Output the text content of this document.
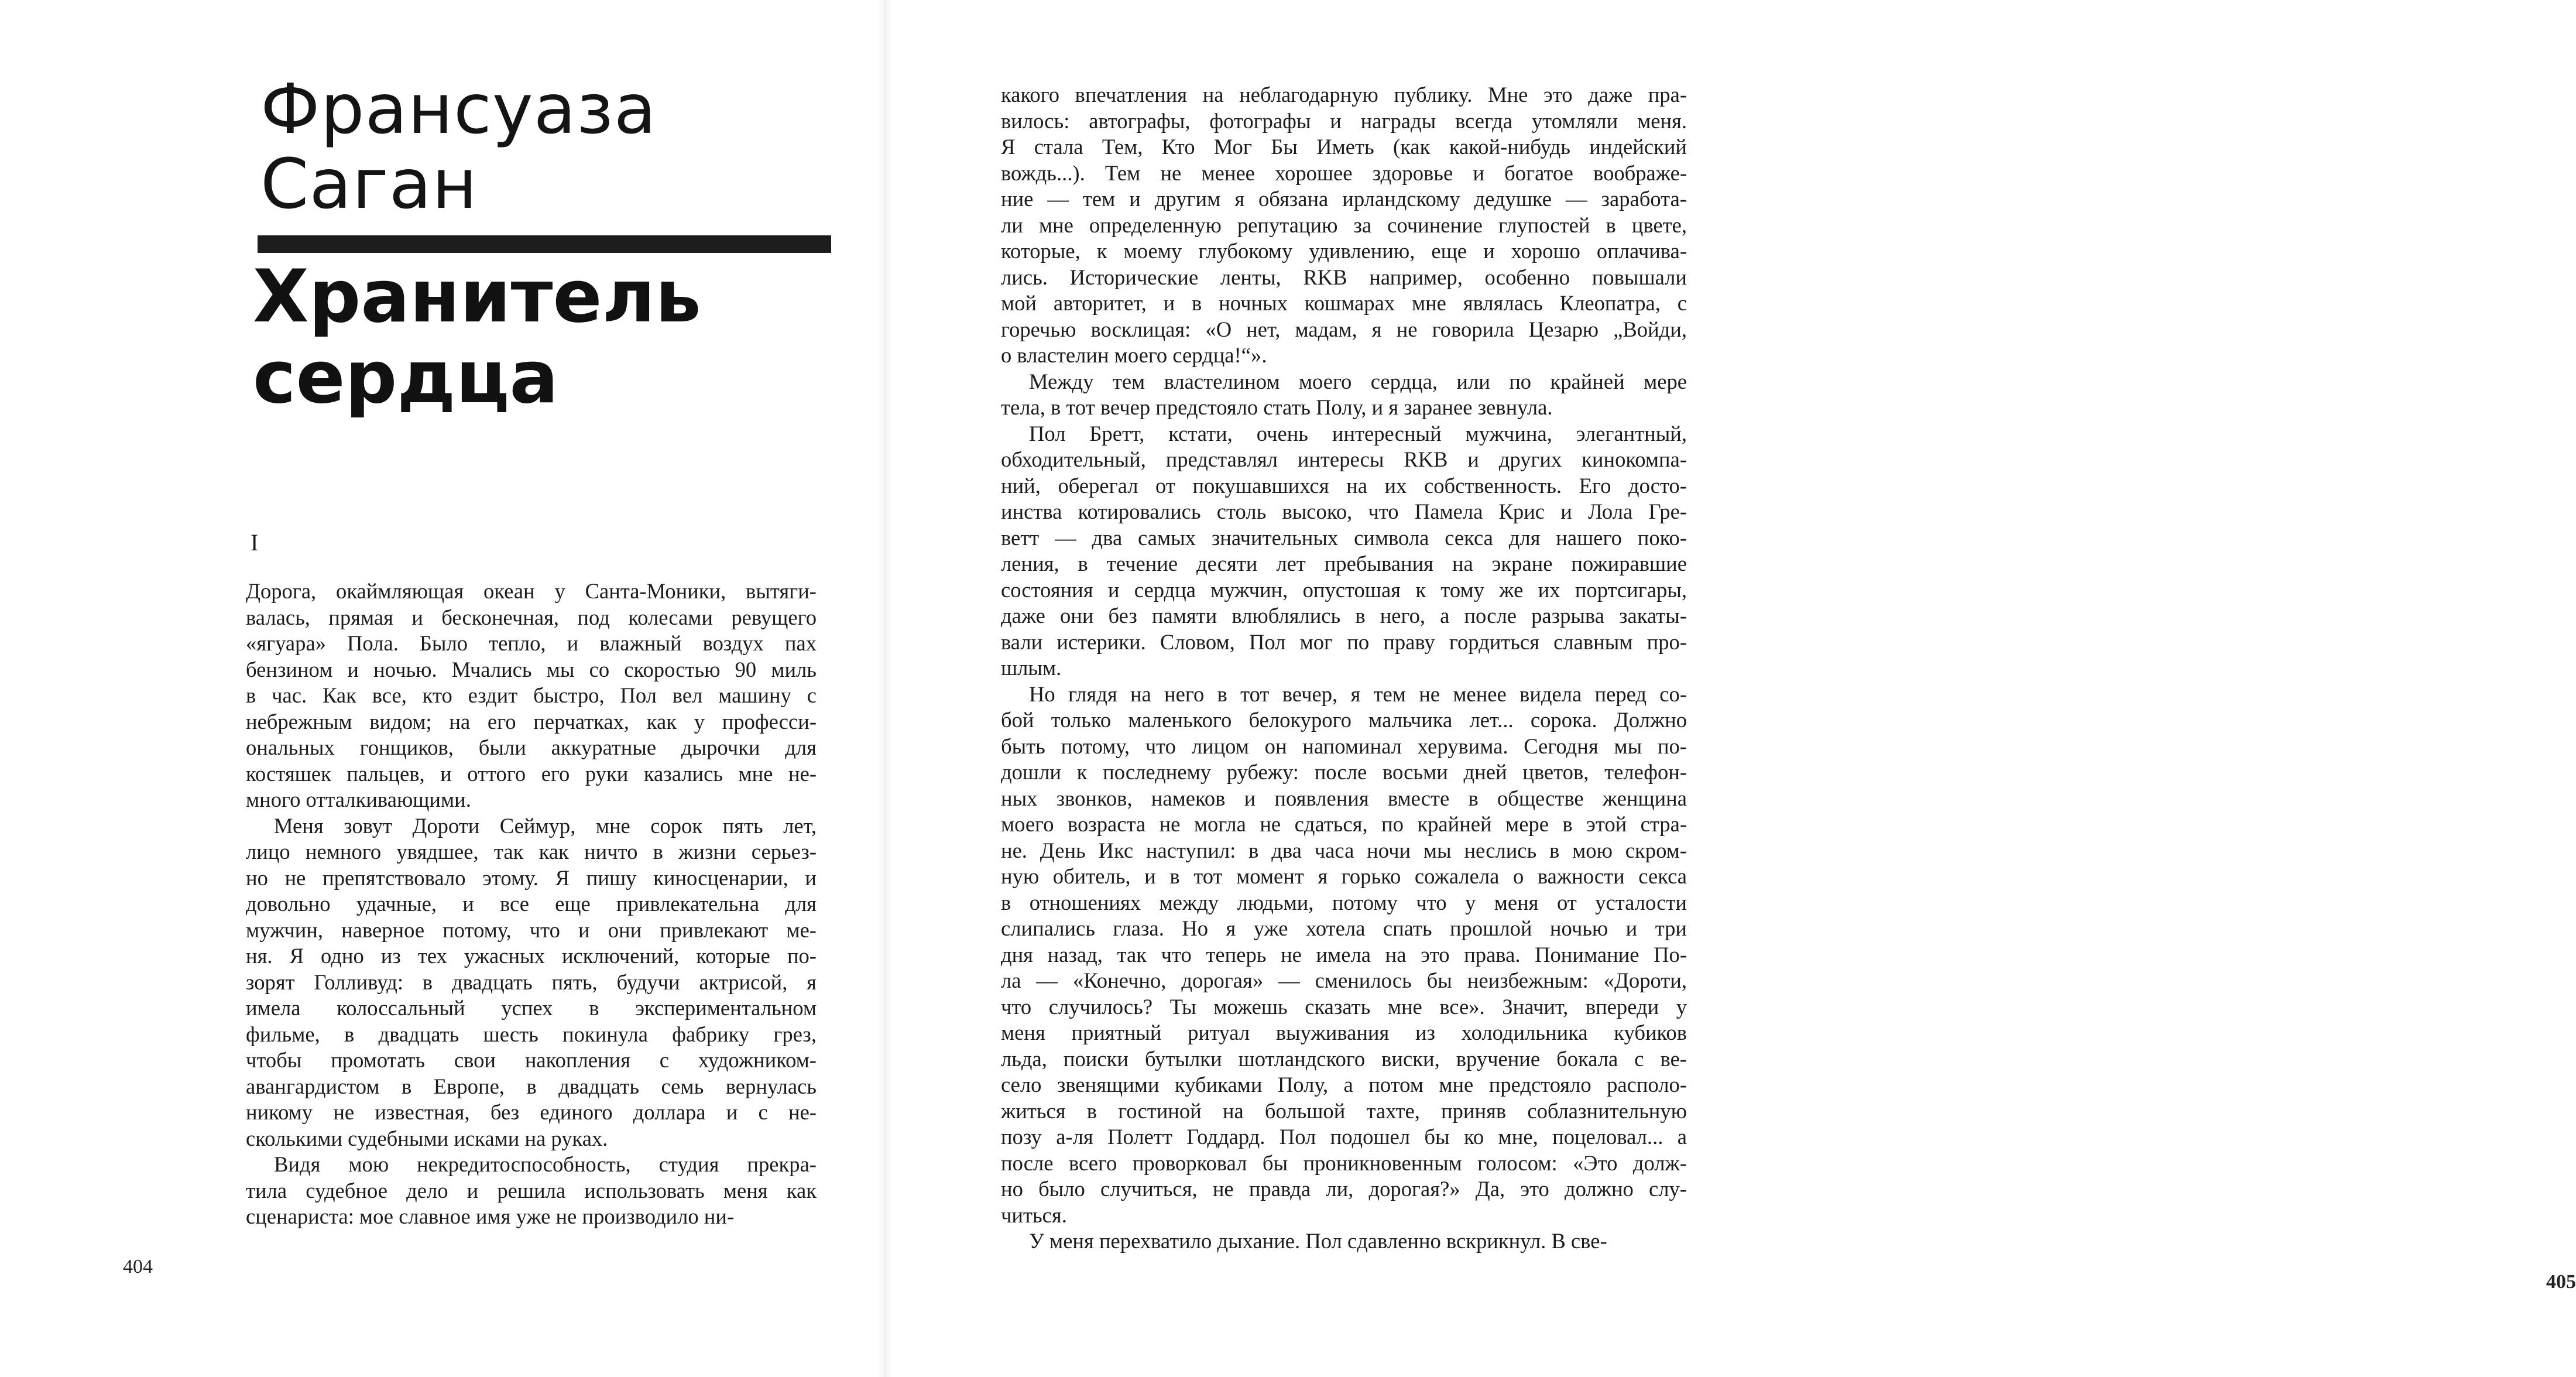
Франсуаза
Саган
Хранитель
сердца
I

Дорога, окаймляющая океан у Санта-Моники, вытяги-
валась, прямая и бесконечная, под колесами ревущего
«ягуара» Пола. Было тепло, и влажный воздух пах
бензином и ночью. Мчались мы со скоростью 90 миль
в час. Как все, кто ездит быстро, Пол вел машину с
небрежным видом; на его перчатках, как у професси-
ональных гонщиков, были аккуратные дырочки для
костяшек пальцев, и оттого его руки казались мне не-
много отталкивающими.

Меня зовут Дороти Сеймур, мне сорок пять лет,
лицо немного увядшее, так как ничто в жизни серьез-
но не препятствовало этому. Я пишу киносценарии, и
довольно удачные, и все еще привлекательна для
мужчин, наверное потому, что и они привлекают ме-
ня. Я одно из тех ужасных исключений, которые по-
зорят Голливуд: в двадцать пять, будучи актрисой, я
имела колоссальный успех в экспериментальном
фильме, в двадцать шесть покинула фабрику грез,
чтобы промотать свои накопления с художником-
авангардистом в Европе, в двадцать семь вернулась
никому не известная, без единого доллара и с не-
сколькими судебными исками на руках.

Видя мою некредитоспособность, студия прекра-
тила судебное дело и решила использовать меня как
сценариста: мое славное имя уже не производило ни-

404
405

какого впечатления на неблагодарную публику. Мне это даже пра-
вилось: автографы, фотографы и награды всегда утомляли меня.
Я стала Тем, Кто Мог Бы Иметь (как какой-нибудь индейский
вождь...). Тем не менее хорошее здоровье и богатое воображе-
ние — тем и другим я обязана ирландскому дедушке — заработа-
ли мне определенную репутацию за сочинение глупостей в цвете,
которые, к моему глубокому удивлению, еще и хорошо оплачива-
лись. Исторические ленты, RKB например, особенно повышали
мой авторитет, и в ночных кошмарах мне являлась Клеопатра, с
горечью восклицая: «О нет, мадам, я не говорила Цезарю „Войди,
о властелин моего сердца!“».

Между тем властелином моего сердца, или по крайней мере
тела, в тот вечер предстояло стать Полу, и я заранее зевнула.

Пол Бретт, кстати, очень интересный мужчина, элегантный,
обходительный, представлял интересы RKB и других кинокомпа-
ний, оберегал от покушавшихся на их собственность. Его досто-
инства котировались столь высоко, что Памела Крис и Лола Гре-
ветт — два самых значительных символа секса для нашего поко-
ления, в течение десяти лет пребывания на экране пожиравшие
состояния и сердца мужчин, опустошая к тому же их портсигары,
даже они без памяти влюблялись в него, а после разрыва закаты-
вали истерики. Словом, Пол мог по праву гордиться славным про-
шлым.

Но глядя на него в тот вечер, я тем не менее видела перед со-
бой только маленького белокурого мальчика лет... сорока. Должно
быть потому, что лицом он напоминал херувима. Сегодня мы по-
дошли к последнему рубежу: после восьми дней цветов, телефон-
ных звонков, намеков и появления вместе в обществе женщина
моего возраста не могла не сдаться, по крайней мере в этой стра-
не. День Икс наступил: в два часа ночи мы неслись в мою скром-
ную обитель, и в тот момент я горько сожалела о важности секса
в отношениях между людьми, потому что у меня от усталости
слипались глаза. Но я уже хотела спать прошлой ночью и три
дня назад, так что теперь не имела на это права. Понимание По-
ла — «Конечно, дорогая» — сменилось бы неизбежным: «Дороти,
что случилось? Ты можешь сказать мне все». Значит, впереди у
меня приятный ритуал выуживания из холодильника кубиков
льда, поиски бутылки шотландского виски, вручение бокала с ве-
село звенящими кубиками Полу, а потом мне предстояло располо-
житься в гостиной на большой тахте, приняв соблазнительную
позу а-ля Полетт Годдард. Пол подошел бы ко мне, поцеловал... а
после всего проворковал бы проникновенным голосом: «Это долж-
но было случиться, не правда ли, дорогая?» Да, это должно слу-
читься.

У меня перехватило дыхание. Пол сдавленно вскрикнул. В све-
